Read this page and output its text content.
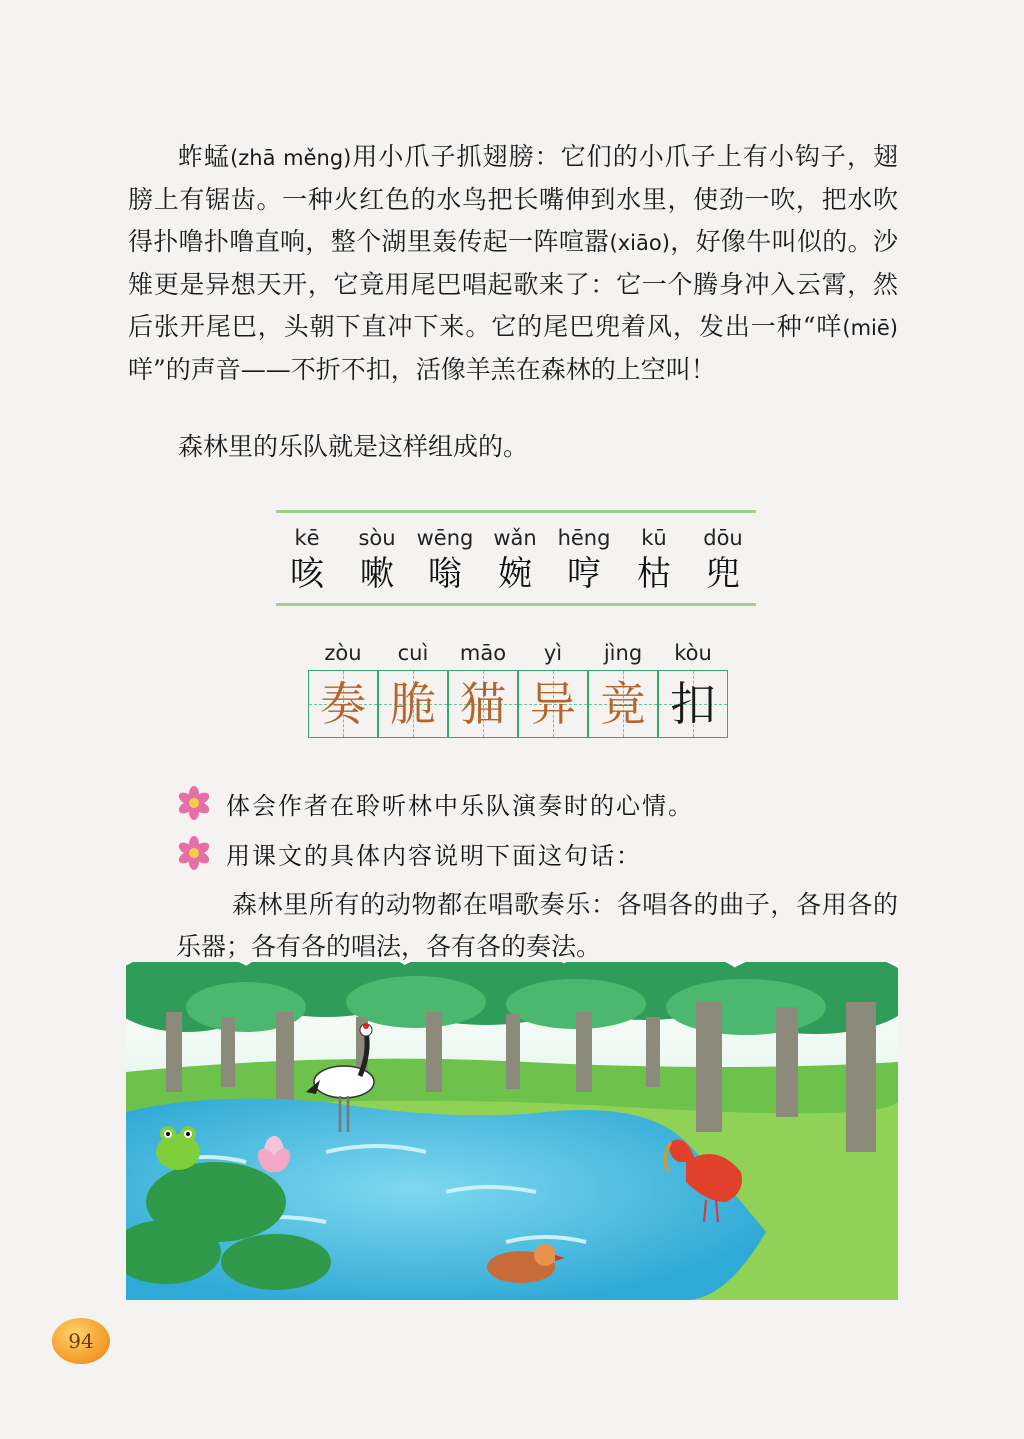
蚱蜢(zhā měng)用小爪子抓翅膀：它们的小爪子上有小钩子，翅膀上有锯齿。一种火红色的水鸟把长嘴伸到水里，使劲一吹，把水吹得扑噜扑噜直响，整个湖里轰传起一阵喧嚣(xiāo)，好像牛叫似的。沙雉更是异想天开，它竟用尾巴唱起歌来了：它一个腾身冲入云霄，然后张开尾巴，头朝下直冲下来。它的尾巴兜着风，发出一种“咩(miē)咩”的声音——不折不扣，活像羊羔在森林的上空叫！

森林里的乐队就是这样组成的。

kē
咳
sòu
嗽
wēng
嗡
wǎn
婉
hēng
哼
kū
枯
dōu
兜
zòu
奏
cuì
脆
māo
猫
yì
异
jìng
竟
kòu
扣
体会作者在聆听林中乐队演奏时的心情。
用课文的具体内容说明下面这句话：

森林里所有的动物都在唱歌奏乐：各唱各的曲子，各用各的乐器；各有各的唱法，各有各的奏法。

94
